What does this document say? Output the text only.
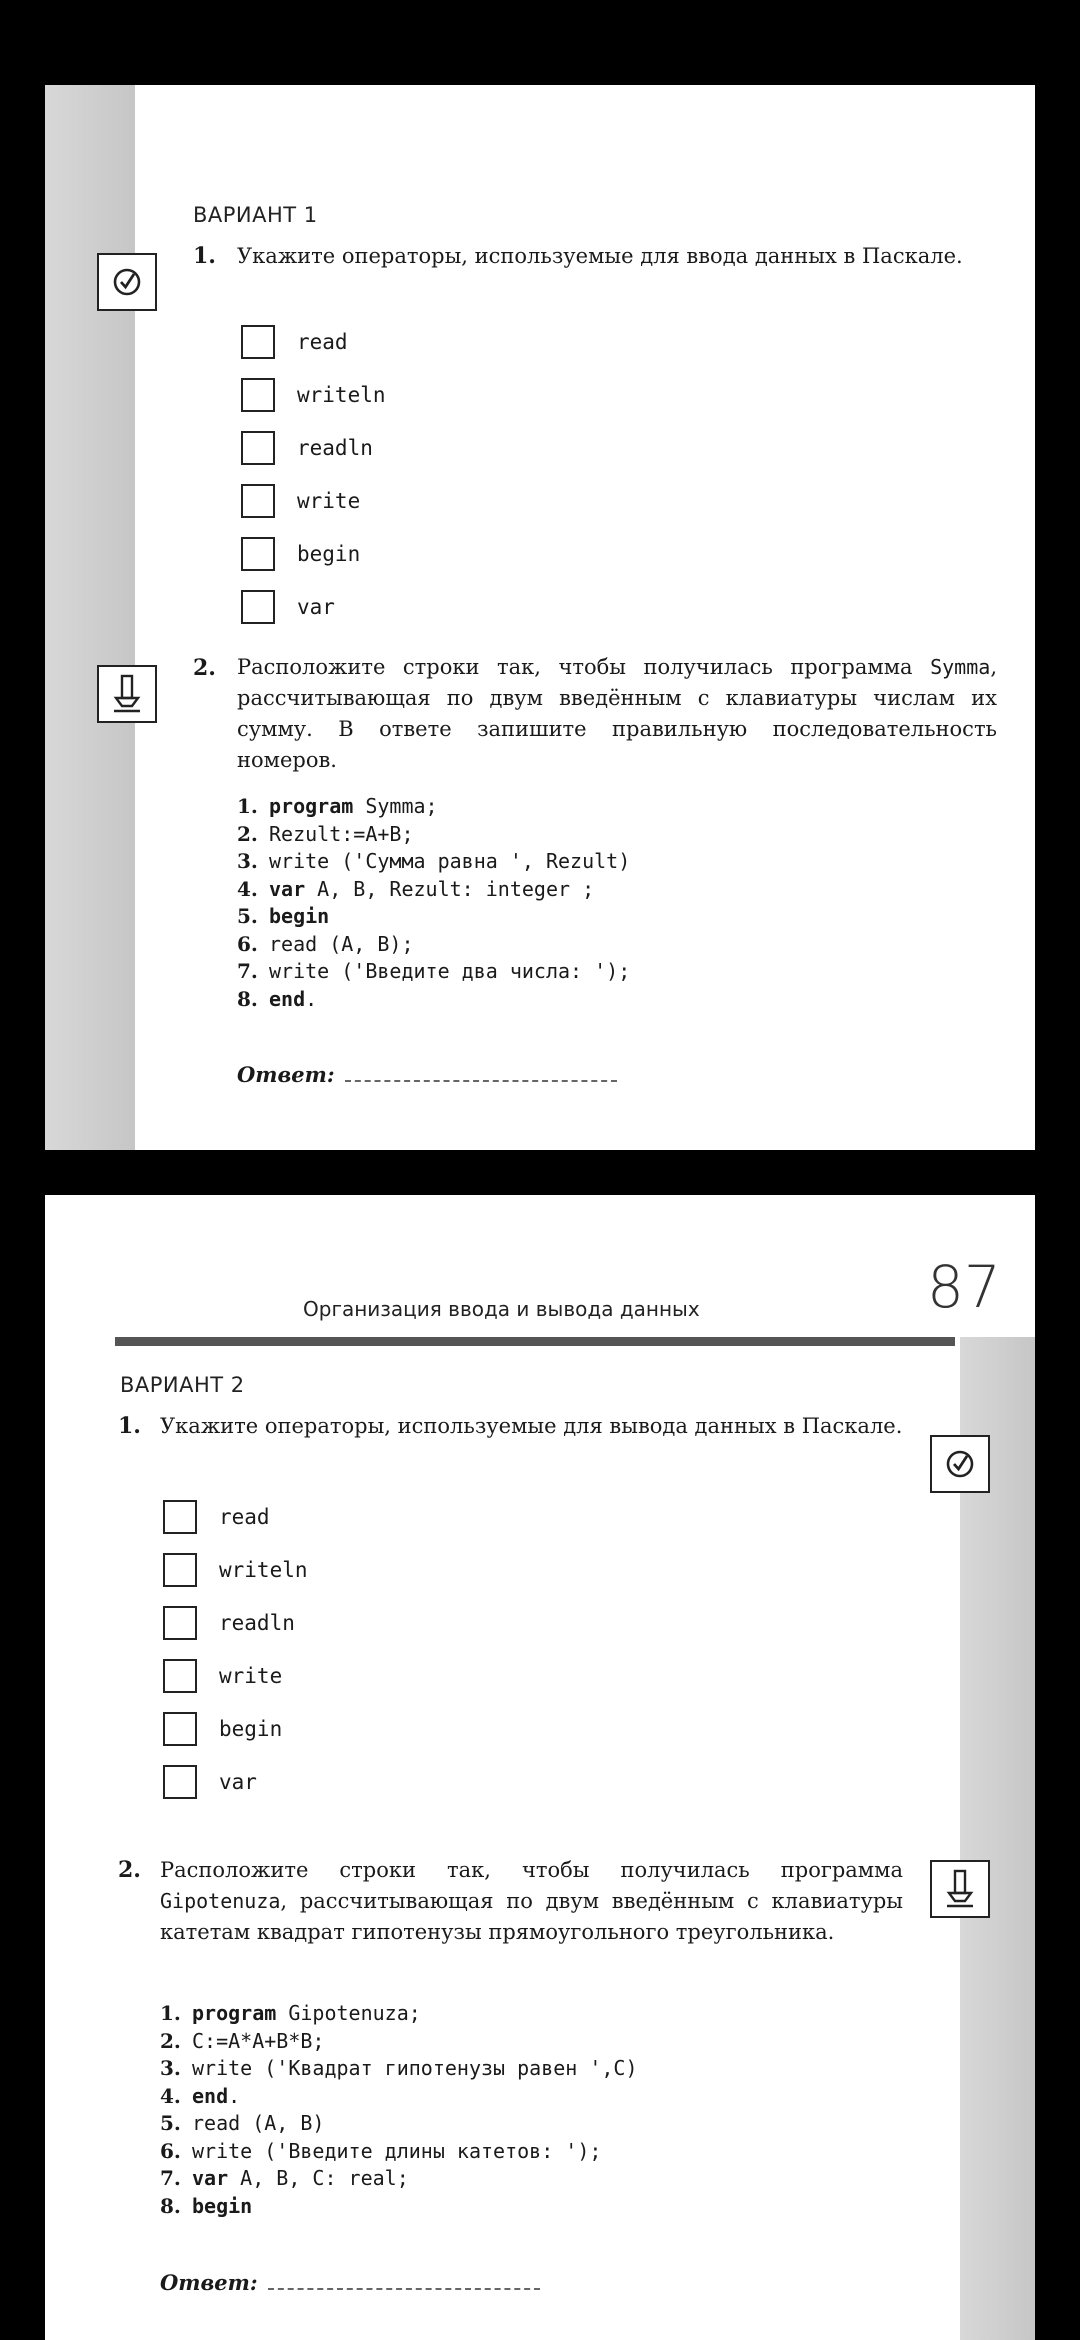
ВАРИАНТ 1
1. Укажите операторы, используемые для ввода данных в Паскале.
read
writeln
readln
write
begin
var
2. Расположите строки так, чтобы получилась программа Symma, рассчитывающая по двум введённым с клавиатуры числам их сумму. В ответе запишите правильную последовательность номеров.
1. program Symma;
2. Rezult:=A+B;
3. write ('Сумма равна ', Rezult)
4. var A, B, Rezult: integer ;
5. begin
6. read (A, B);
7. write ('Введите два числа: ');
8. end.
Ответ:
Организация ввода и вывода данных	87
ВАРИАНТ 2
1. Укажите операторы, используемые для вывода данных в Паскале.
read
writeln
readln
write
begin
var
2. Расположите строки так, чтобы получилась программа Gipotenuza, рассчитывающая по двум введённым с клавиатуры катетам квадрат гипотенузы прямоугольного треугольника.
1. program Gipotenuza;
2. C:=A*A+B*B;
3. write ('Квадрат гипотенузы равен ',C)
4. end.
5. read (A, B)
6. write ('Введите длины катетов: ');
7. var A, B, C: real;
8. begin
Ответ:
